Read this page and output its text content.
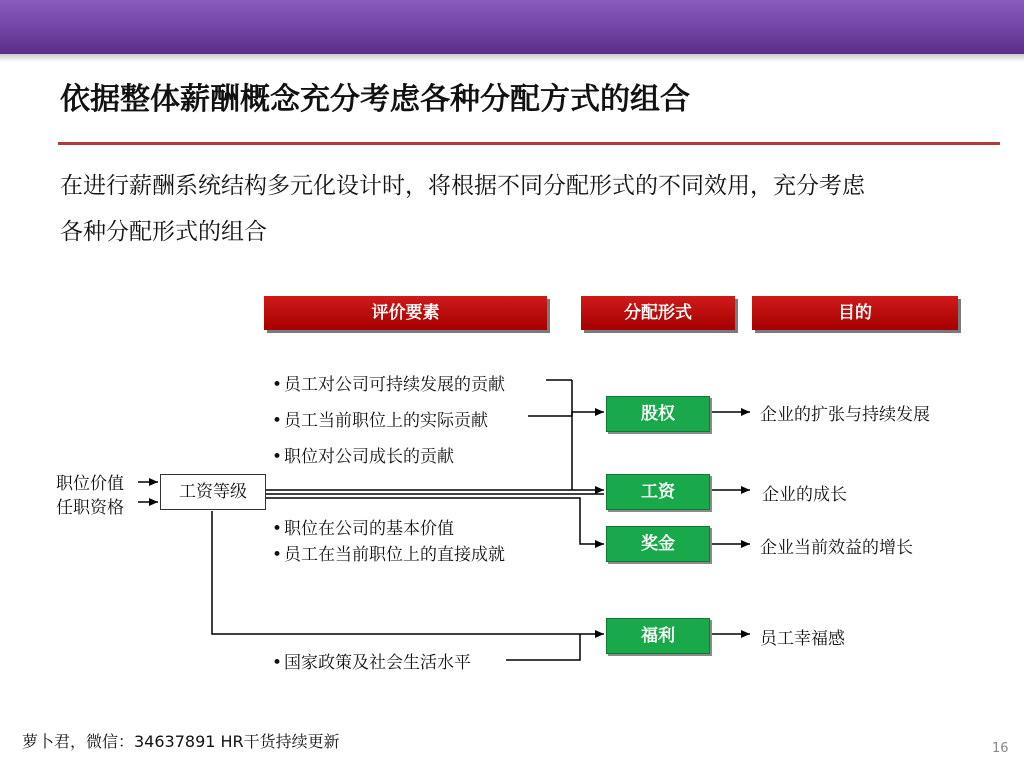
依据整体薪酬概念充分考虑各种分配方式的组合
在进行薪酬系统结构多元化设计时，将根据不同分配形式的不同效用，充分考虑
各种分配形式的组合
评价要素	分配形式	目的
职位价值
任职资格
工资等级
• 员工对公司可持续发展的贡献
• 员工当前职位上的实际贡献
• 职位对公司成长的贡献
• 职位在公司的基本价值
• 员工在当前职位上的直接成就
• 国家政策及社会生活水平
股权
工资
奖金
福利
企业的扩张与持续发展
企业的成长
企业当前效益的增长
员工幸福感
萝卜君，微信：34637891 HR干货持续更新	16
